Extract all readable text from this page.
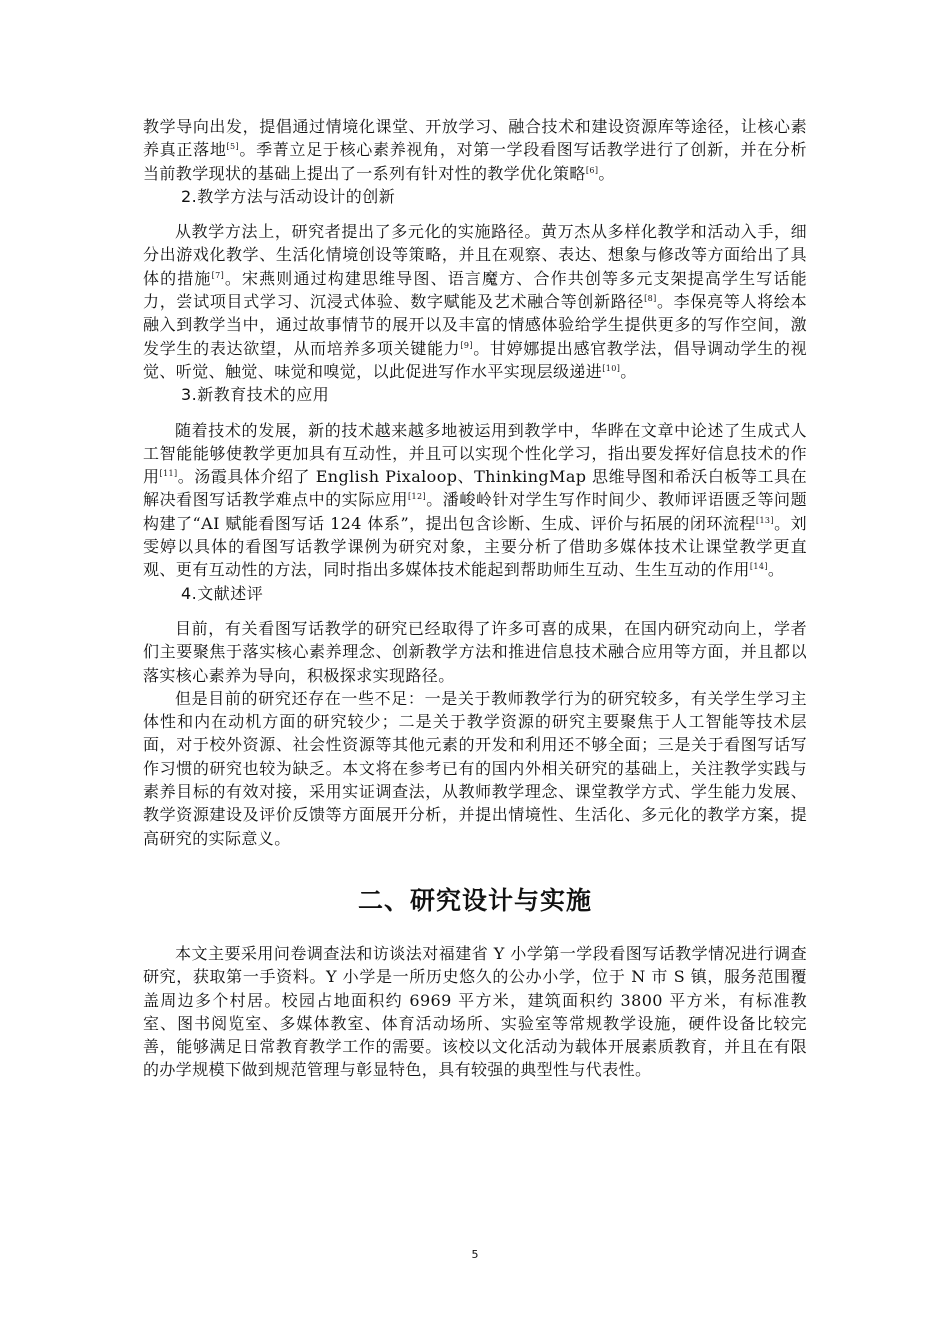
教学导向出发，提倡通过情境化课堂、开放学习、融合技术和建设资源库等途径，让核心素养真正落地[5]。季菁立足于核心素养视角，对第一学段看图写话教学进行了创新，并在分析当前教学现状的基础上提出了一系列有针对性的教学优化策略[6]。

2.教学方法与活动设计的创新

从教学方法上，研究者提出了多元化的实施路径。黄万杰从多样化教学和活动入手，细分出游戏化教学、生活化情境创设等策略，并且在观察、表达、想象与修改等方面给出了具体的措施[7]。宋燕则通过构建思维导图、语言魔方、合作共创等多元支架提高学生写话能力，尝试项目式学习、沉浸式体验、数字赋能及艺术融合等创新路径[8]。李保亮等人将绘本融入到教学当中，通过故事情节的展开以及丰富的情感体验给学生提供更多的写作空间，激发学生的表达欲望，从而培养多项关键能力[9]。甘婷娜提出感官教学法，倡导调动学生的视觉、听觉、触觉、味觉和嗅觉，以此促进写作水平实现层级递进[10]。

3.新教育技术的应用

随着技术的发展，新的技术越来越多地被运用到教学中，华晔在文章中论述了生成式人工智能能够使教学更加具有互动性，并且可以实现个性化学习，指出要发挥好信息技术的作用[11]。汤霞具体介绍了 English Pixaloop、ThinkingMap 思维导图和希沃白板等工具在解决看图写话教学难点中的实际应用[12]。潘峻岭针对学生写作时间少、教师评语匮乏等问题构建了“AI 赋能看图写话 124 体系”，提出包含诊断、生成、评价与拓展的闭环流程[13]。刘雯婷以具体的看图写话教学课例为研究对象，主要分析了借助多媒体技术让课堂教学更直观、更有互动性的方法，同时指出多媒体技术能起到帮助师生互动、生生互动的作用[14]。

4.文献述评

目前，有关看图写话教学的研究已经取得了许多可喜的成果，在国内研究动向上，学者们主要聚焦于落实核心素养理念、创新教学方法和推进信息技术融合应用等方面，并且都以落实核心素养为导向，积极探求实现路径。

但是目前的研究还存在一些不足：一是关于教师教学行为的研究较多，有关学生学习主体性和内在动机方面的研究较少；二是关于教学资源的研究主要聚焦于人工智能等技术层面，对于校外资源、社会性资源等其他元素的开发和利用还不够全面；三是关于看图写话写作习惯的研究也较为缺乏。本文将在参考已有的国内外相关研究的基础上，关注教学实践与素养目标的有效对接，采用实证调查法，从教师教学理念、课堂教学方式、学生能力发展、教学资源建设及评价反馈等方面展开分析，并提出情境性、生活化、多元化的教学方案，提高研究的实际意义。

二、研究设计与实施

本文主要采用问卷调查法和访谈法对福建省 Y 小学第一学段看图写话教学情况进行调查研究，获取第一手资料。Y 小学是一所历史悠久的公办小学，位于 N 市 S 镇，服务范围覆盖周边多个村居。校园占地面积约 6969 平方米，建筑面积约 3800 平方米，有标准教室、图书阅览室、多媒体教室、体育活动场所、实验室等常规教学设施，硬件设备比较完善，能够满足日常教育教学工作的需要。该校以文化活动为载体开展素质教育，并且在有限的办学规模下做到规范管理与彰显特色，具有较强的典型性与代表性。

5
